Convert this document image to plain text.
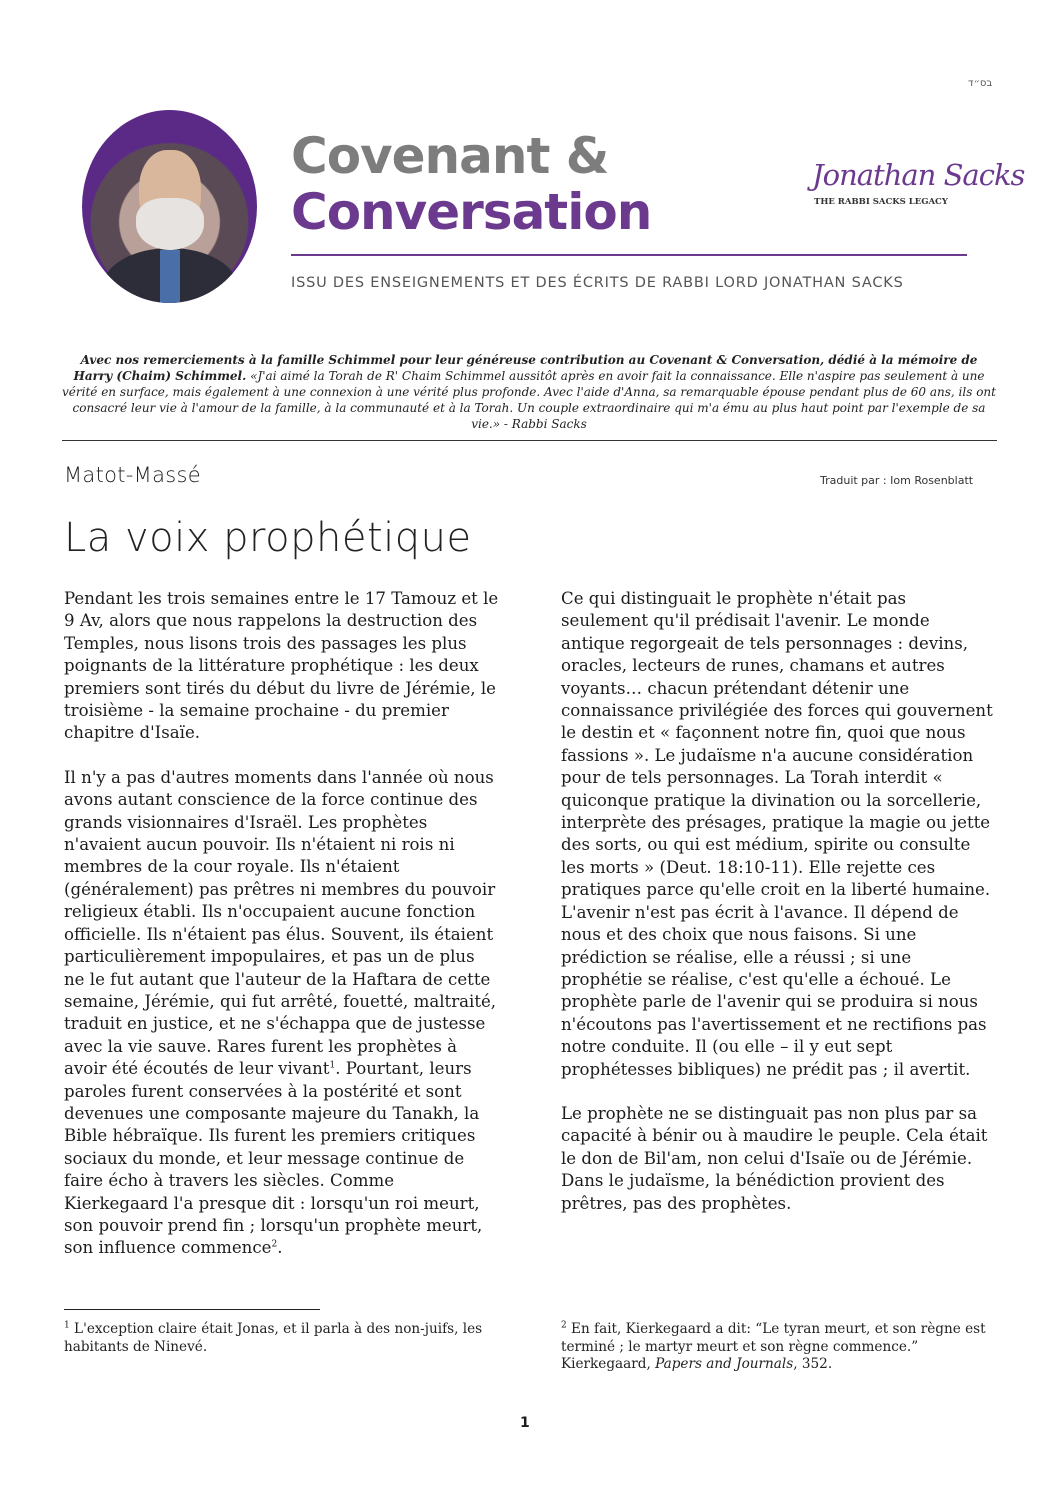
בס״ד
Covenant &
Conversation
Jonathan Sacks
THE RABBI SACKS LEGACY
ISSU DES ENSEIGNEMENTS ET DES ÉCRITS DE RABBI LORD JONATHAN SACKS
Avec nos remerciements à la famille Schimmel pour leur généreuse contribution au Covenant & Conversation, dédié à la mémoire de Harry (Chaim) Schimmel. «J'ai aimé la Torah de R' Chaim Schimmel aussitôt après en avoir fait la connaissance. Elle n'aspire pas seulement à une vérité en surface, mais également à une connexion à une vérité plus profonde. Avec l'aide d'Anna, sa remarquable épouse pendant plus de 60 ans, ils ont consacré leur vie à l'amour de la famille, à la communauté et à la Torah. Un couple extraordinaire qui m'a ému au plus haut point par l'exemple de sa vie.» - Rabbi Sacks
Matot-Massé	Traduit par : Iom Rosenblatt
La voix prophétique

Pendant les trois semaines entre le 17 Tamouz et le 9 Av, alors que nous rappelons la destruction des Temples, nous lisons trois des passages les plus poignants de la littérature prophétique : les deux premiers sont tirés du début du livre de Jérémie, le troisième - la semaine prochaine - du premier chapitre d'Isaïe.

Il n'y a pas d'autres moments dans l'année où nous avons autant conscience de la force continue des grands visionnaires d'Israël. Les prophètes n'avaient aucun pouvoir. Ils n'étaient ni rois ni membres de la cour royale. Ils n'étaient (généralement) pas prêtres ni membres du pouvoir religieux établi. Ils n'occupaient aucune fonction officielle. Ils n'étaient pas élus. Souvent, ils étaient particulièrement impopulaires, et pas un de plus ne le fut autant que l'auteur de la Haftara de cette semaine, Jérémie, qui fut arrêté, fouetté, maltraité, traduit en justice, et ne s'échappa que de justesse avec la vie sauve. Rares furent les prophètes à avoir été écoutés de leur vivant$^1$. Pourtant, leurs paroles furent conservées à la postérité et sont devenues une composante majeure du Tanakh, la Bible hébraïque. Ils furent les premiers critiques sociaux du monde, et leur message continue de faire écho à travers les siècles. Comme Kierkegaard l'a presque dit : lorsqu'un roi meurt, son pouvoir prend fin ; lorsqu'un prophète meurt, son influence commence$^2$.

Ce qui distinguait le prophète n'était pas seulement qu'il prédisait l'avenir. Le monde antique regorgeait de tels personnages : devins, oracles, lecteurs de runes, chamans et autres voyants… chacun prétendant détenir une connaissance privilégiée des forces qui gouvernent le destin et « façonnent notre fin, quoi que nous fassions ». Le judaïsme n'a aucune considération pour de tels personnages. La Torah interdit « quiconque pratique la divination ou la sorcellerie, interprète des présages, pratique la magie ou jette des sorts, ou qui est médium, spirite ou consulte les morts » (Deut. 18:10-11). Elle rejette ces pratiques parce qu'elle croit en la liberté humaine. L'avenir n'est pas écrit à l'avance. Il dépend de nous et des choix que nous faisons. Si une prédiction se réalise, elle a réussi ; si une prophétie se réalise, c'est qu'elle a échoué. Le prophète parle de l'avenir qui se produira si nous n'écoutons pas l'avertissement et ne rectifions pas notre conduite. Il (ou elle – il y eut sept prophétesses bibliques) ne prédit pas ; il avertit.

Le prophète ne se distinguait pas non plus par sa capacité à bénir ou à maudire le peuple. Cela était le don de Bil'am, non celui d'Isaïe ou de Jérémie. Dans le judaïsme, la bénédiction provient des prêtres, pas des prophètes.

$^1$ L'exception claire était Jonas, et il parla à des non-juifs, les habitants de Ninevé.
$^2$ En fait, Kierkegaard a dit: “Le tyran meurt, et son règne est terminé ; le martyr meurt et son règne commence.” Kierkegaard, Papers and Journals, 352.
1
